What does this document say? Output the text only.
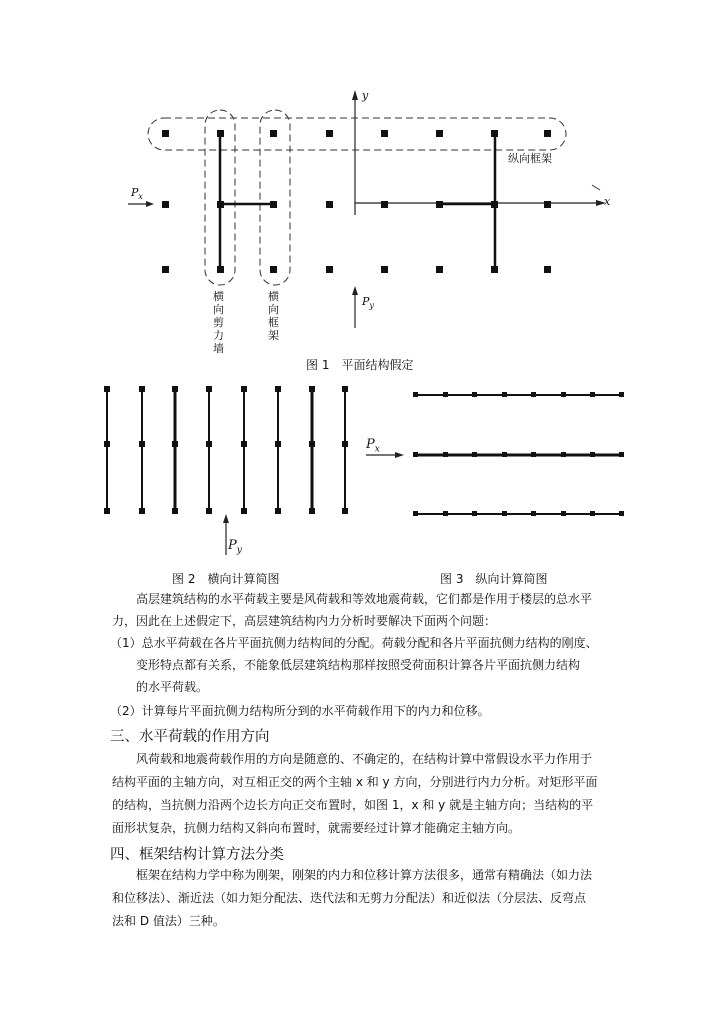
y
x
$P_x$
$P_y$
纵向框架
横向剪力墙
横向框架
图 1　平面结构假定
$P_y$
$P_x$
图 2　横向计算简图	图 3　纵向计算简图
高层建筑结构的水平荷载主要是风荷载和等效地震荷载，它们都是作用于楼层的总水平
力，因此在上述假定下，高层建筑结构内力分析时要解决下面两个问题：
（1）总水平荷载在各片平面抗侧力结构间的分配。荷载分配和各片平面抗侧力结构的刚度、
变形特点都有关系，不能象低层建筑结构那样按照受荷面积计算各片平面抗侧力结构
的水平荷载。
（2）计算每片平面抗侧力结构所分到的水平荷载作用下的内力和位移。
三、水平荷载的作用方向
风荷载和地震荷载作用的方向是随意的、不确定的，在结构计算中常假设水平力作用于
结构平面的主轴方向，对互相正交的两个主轴 x 和 y 方向，分别进行内力分析。对矩形平面
的结构，当抗侧力沿两个边长方向正交布置时，如图 1，x 和 y 就是主轴方向；当结构的平
面形状复杂，抗侧力结构又斜向布置时，就需要经过计算才能确定主轴方向。
四、框架结构计算方法分类
框架在结构力学中称为刚架，刚架的内力和位移计算方法很多，通常有精确法（如力法
和位移法）、渐近法（如力矩分配法、迭代法和无剪力分配法）和近似法（分层法、反弯点
法和 D 值法）三种。
